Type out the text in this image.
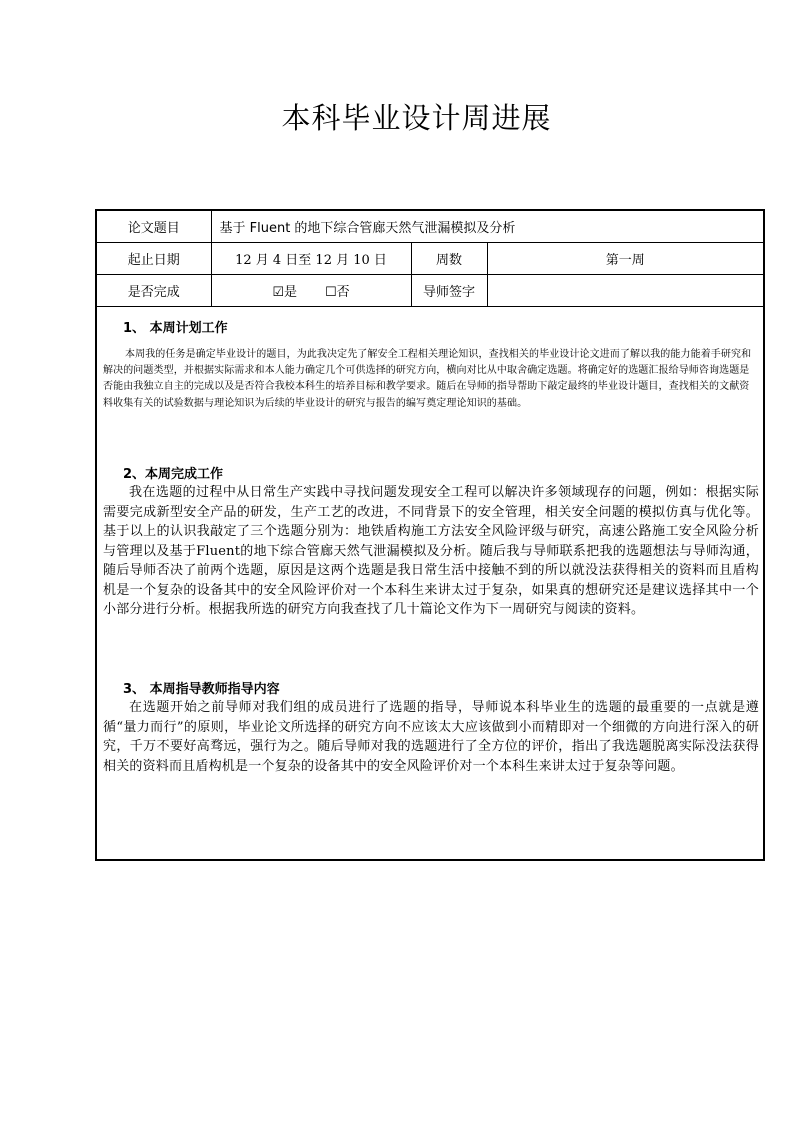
本科毕业设计周进展
论文题目	基于 Fluent 的地下综合管廊天然气泄漏模拟及分析		
起止日期	12 月 4 日至 12 月 10 日	周数	第一周
是否完成	☑是 ☐否	导师签字	
1、 本周计划工作
本周我的任务是确定毕业设计的题目，为此我决定先了解安全工程相关理论知识，查找相关的毕业设计论文进而了解以我的能力能着手研究和解决的问题类型，并根据实际需求和本人能力确定几个可供选择的研究方向，横向对比从中取舍确定选题。将确定好的选题汇报给导师咨询选题是否能由我独立自主的完成以及是否符合我校本科生的培养目标和教学要求。随后在导师的指导帮助下敲定最终的毕业设计题目，查找相关的文献资料收集有关的试验数据与理论知识为后续的毕业设计的研究与报告的编写奠定理论知识的基础。
2、本周完成工作
我在选题的过程中从日常生产实践中寻找问题发现安全工程可以解决许多领域现存的问题，例如：根据实际需要完成新型安全产品的研发，生产工艺的改进，不同背景下的安全管理，相关安全问题的模拟仿真与优化等。基于以上的认识我敲定了三个选题分别为：地铁盾构施工方法安全风险评级与研究，高速公路施工安全风险分析与管理以及基于Fluent的地下综合管廊天然气泄漏模拟及分析。随后我与导师联系把我的选题想法与导师沟通，随后导师否决了前两个选题，原因是这两个选题是我日常生活中接触不到的所以就没法获得相关的资料而且盾构机是一个复杂的设备其中的安全风险评价对一个本科生来讲太过于复杂，如果真的想研究还是建议选择其中一个小部分进行分析。根据我所选的研究方向我查找了几十篇论文作为下一周研究与阅读的资料。
3、 本周指导教师指导内容
在选题开始之前导师对我们组的成员进行了选题的指导，导师说本科毕业生的选题的最重要的一点就是遵循“量力而行”的原则，毕业论文所选择的研究方向不应该太大应该做到小而精即对一个细微的方向进行深入的研究，千万不要好高骛远，强行为之。随后导师对我的选题进行了全方位的评价，指出了我选题脱离实际没法获得相关的资料而且盾构机是一个复杂的设备其中的安全风险评价对一个本科生来讲太过于复杂等问题。
